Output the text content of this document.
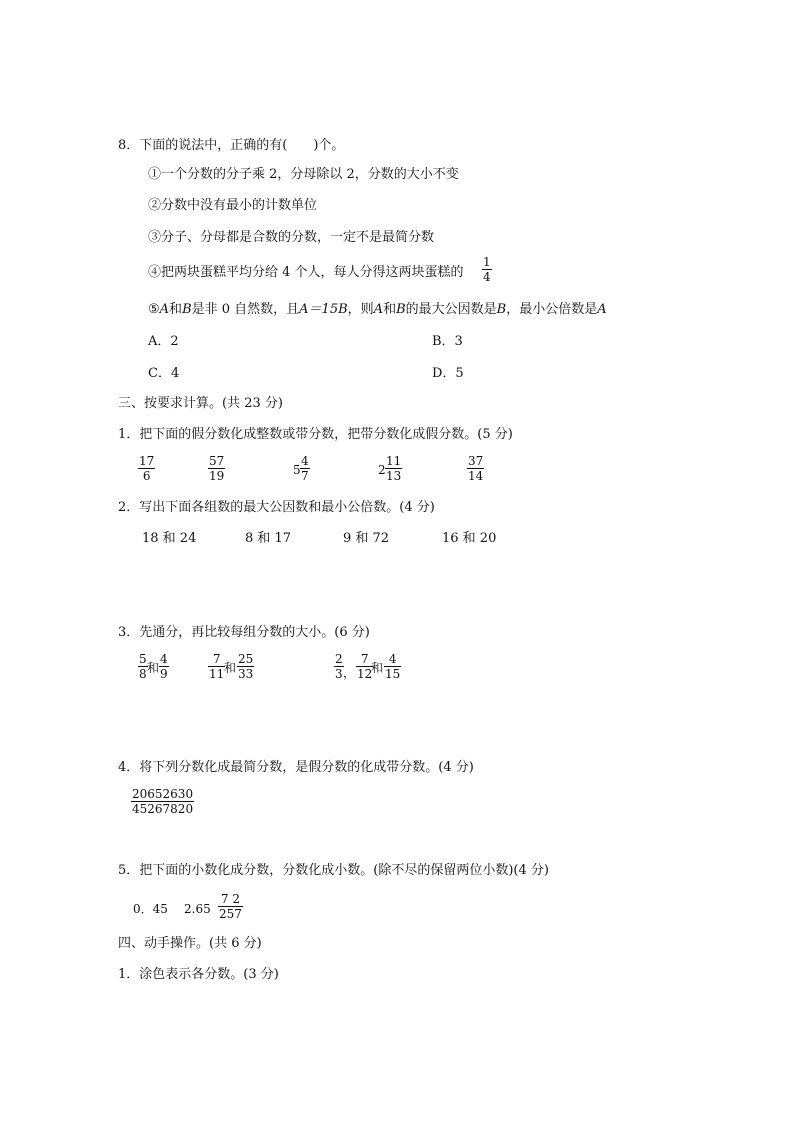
8．下面的说法中，正确的有(　　)个。
①一个分数的分子乘 2，分母除以 2，分数的大小不变
②分数中没有最小的计数单位
③分子、分母都是合数的分数，一定不是最简分数
④把两块蛋糕平均分给 4 个人，每人分得这两块蛋糕的 $\frac{1}{4}$
⑤A和B是非 0 自然数，且A＝15B，则A和B的最大公因数是B，最小公倍数是A
A．2	B．3
C．4	D．5
三、按要求计算。(共 23 分)
1．把下面的假分数化成整数或带分数，把带分数化成假分数。(5 分)
$\frac{17}{6}$	$\frac{57}{19}$	$5 \frac{4}{7}$	$2 \frac{11}{13}$	$\frac{37}{14}$
2．写出下面各组数的最大公因数和最小公倍数。(4 分)
18 和 24	8 和 17	9 和 72	16 和 20
3．先通分，再比较每组分数的大小。(6 分)
$\frac{5}{8}$ 和 $\frac{4}{9}$	$\frac{7}{11}$
和 $\frac{25}{33}$	$\frac{2}{3}$ ， $\frac{7}{12}$
和 $\frac{4}{15}$
4．将下列分数化成最简分数，是假分数的化成带分数。(4 分)
$\frac{20652630}{45267820}$
5．把下面的小数化成分数，分数化成小数。(除不尽的保留两位小数)(4 分)
0．45 $2.65 \frac{7 2}{257}$
四、动手操作。(共 6 分)
1．涂色表示各分数。(3 分)
